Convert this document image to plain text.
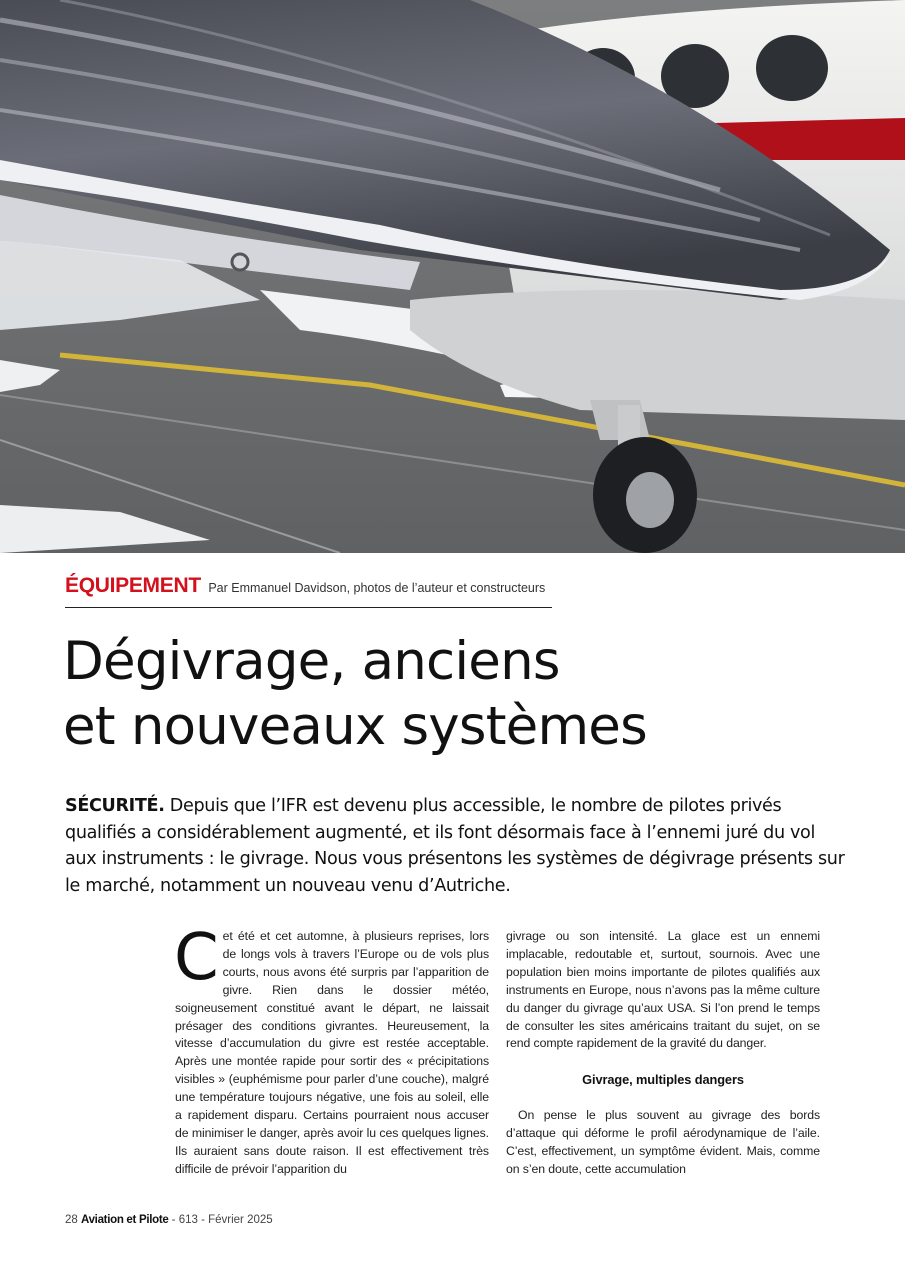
ÉQUIPEMENT Par Emmanuel Davidson, photos de l’auteur et constructeurs
Dégivrage, anciens
et nouveaux systèmes

SÉCURITÉ. Depuis que l’IFR est devenu plus accessible, le nombre de pilotes privés qualifiés a considérablement augmenté, et ils font désormais face à l’ennemi juré du vol aux instruments : le givrage. Nous vous présentons les systèmes de dégivrage présents sur le marché, notamment un nouveau venu d’Autriche.

C et été et cet automne, à plusieurs reprises, lors de longs vols à travers l’Europe ou de vols plus courts, nous avons été surpris par l’apparition de givre. Rien dans le dossier météo, soigneusement constitué avant le départ, ne laissait présager des conditions givrantes. Heureusement, la vitesse d’accumulation du givre est restée acceptable. Après une montée rapide pour sortir des « précipitations visibles » (euphémisme pour parler d’une couche), malgré une température toujours négative, une fois au soleil, elle a rapidement disparu. Certains pourraient nous accuser de minimiser le danger, après avoir lu ces quelques lignes. Ils auraient sans doute raison. Il est effectivement très difficile de prévoir l’apparition du

givrage ou son intensité. La glace est un ennemi implacable, redoutable et, surtout, sournois. Avec une population bien moins importante de pilotes qualifiés aux instruments en Europe, nous n’avons pas la même culture du danger du givrage qu’aux USA. Si l’on prend le temps de consulter les sites américains traitant du sujet, on se rend compte rapidement de la gravité du danger.

Givrage, multiples dangers

On pense le plus souvent au givrage des bords d’attaque qui déforme le profil aérodynamique de l’aile. C’est, effectivement, un symptôme évident. Mais, comme on s’en doute, cette accumulation

28 Aviation et Pilote - 613 - Février 2025
